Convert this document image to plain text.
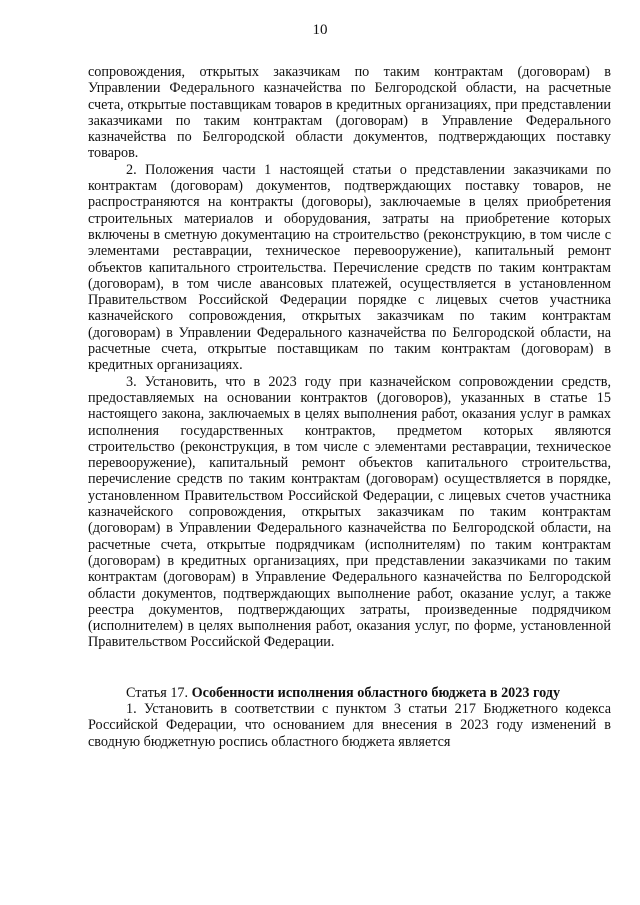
10

сопровождения, открытых заказчикам по таким контрактам (договорам) в Управлении Федерального казначейства по Белгородской области, на расчетные счета, открытые поставщикам товаров в кредитных организациях, при представлении заказчиками по таким контрактам (договорам) в Управление Федерального казначейства по Белгородской области документов, подтверждающих поставку товаров.

2. Положения части 1 настоящей статьи о представлении заказчиками по контрактам (договорам) документов, подтверждающих поставку товаров, не распространяются на контракты (договоры), заключаемые в целях приобретения строительных материалов и оборудования, затраты на приобретение которых включены в сметную документацию на строительство (реконструкцию, в том числе с элементами реставрации, техническое перевооружение), капитальный ремонт объектов капитального строительства. Перечисление средств по таким контрактам (договорам), в том числе авансовых платежей, осуществляется в установленном Правительством Российской Федерации порядке с лицевых счетов участника казначейского сопровождения, открытых заказчикам по таким контрактам (договорам) в Управлении Федерального казначейства по Белгородской области, на расчетные счета, открытые поставщикам по таким контрактам (договорам) в кредитных организациях.

3. Установить, что в 2023 году при казначейском сопровождении средств, предоставляемых на основании контрактов (договоров), указанных в статье 15 настоящего закона, заключаемых в целях выполнения работ, оказания услуг в рамках исполнения государственных контрактов, предметом которых являются строительство (реконструкция, в том числе с элементами реставрации, техническое перевооружение), капитальный ремонт объектов капитального строительства, перечисление средств по таким контрактам (договорам) осуществляется в порядке, установленном Правительством Российской Федерации, с лицевых счетов участника казначейского сопровождения, открытых заказчикам по таким контрактам (договорам) в Управлении Федерального казначейства по Белгородской области, на расчетные счета, открытые подрядчикам (исполнителям) по таким контрактам (договорам) в кредитных организациях, при представлении заказчиками по таким контрактам (договорам) в Управление Федерального казначейства по Белгородской области документов, подтверждающих выполнение работ, оказание услуг, а также реестра документов, подтверждающих затраты, произведенные подрядчиком (исполнителем) в целях выполнения работ, оказания услуг, по форме, установленной Правительством Российской Федерации.

Статья 17. Особенности исполнения областного бюджета в 2023 году

1. Установить в соответствии с пунктом 3 статьи 217 Бюджетного кодекса Российской Федерации, что основанием для внесения в 2023 году изменений в сводную бюджетную роспись областного бюджета является
